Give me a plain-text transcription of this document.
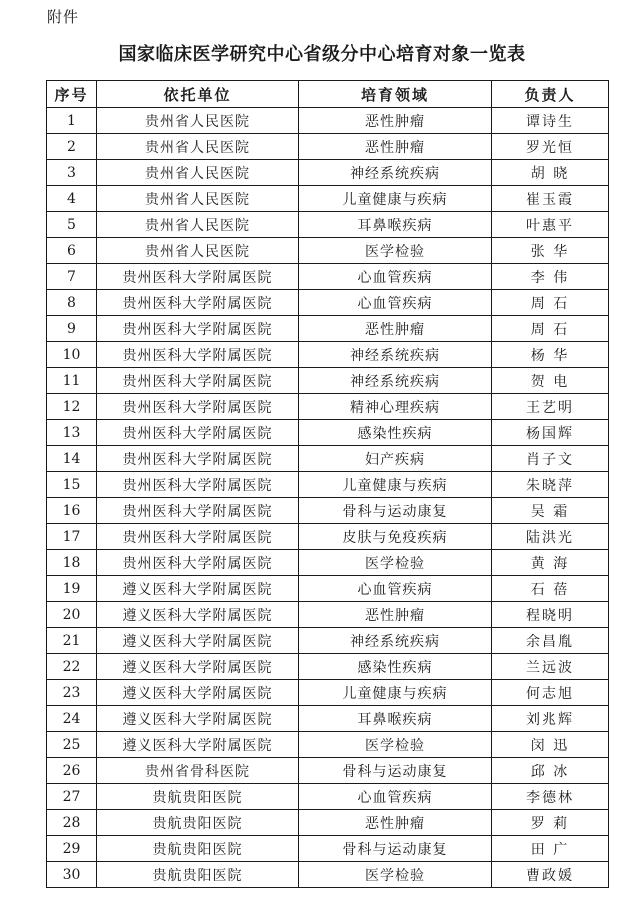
附件
国家临床医学研究中心省级分中心培育对象一览表
序号	依托单位	培育领域	负责人
1	贵州省人民医院	恶性肿瘤	谭诗生
2	贵州省人民医院	恶性肿瘤	罗光恒
3	贵州省人民医院	神经系统疾病	胡 晓
4	贵州省人民医院	儿童健康与疾病	崔玉霞
5	贵州省人民医院	耳鼻喉疾病	叶惠平
6	贵州省人民医院	医学检验	张 华
7	贵州医科大学附属医院	心血管疾病	李 伟
8	贵州医科大学附属医院	心血管疾病	周 石
9	贵州医科大学附属医院	恶性肿瘤	周 石
10	贵州医科大学附属医院	神经系统疾病	杨 华
11	贵州医科大学附属医院	神经系统疾病	贺 电
12	贵州医科大学附属医院	精神心理疾病	王艺明
13	贵州医科大学附属医院	感染性疾病	杨国辉
14	贵州医科大学附属医院	妇产疾病	肖子文
15	贵州医科大学附属医院	儿童健康与疾病	朱晓萍
16	贵州医科大学附属医院	骨科与运动康复	吴 霜
17	贵州医科大学附属医院	皮肤与免疫疾病	陆洪光
18	贵州医科大学附属医院	医学检验	黄 海
19	遵义医科大学附属医院	心血管疾病	石 蓓
20	遵义医科大学附属医院	恶性肿瘤	程晓明
21	遵义医科大学附属医院	神经系统疾病	余昌胤
22	遵义医科大学附属医院	感染性疾病	兰远波
23	遵义医科大学附属医院	儿童健康与疾病	何志旭
24	遵义医科大学附属医院	耳鼻喉疾病	刘兆辉
25	遵义医科大学附属医院	医学检验	闵 迅
26	贵州省骨科医院	骨科与运动康复	邱 冰
27	贵航贵阳医院	心血管疾病	李德林
28	贵航贵阳医院	恶性肿瘤	罗 莉
29	贵航贵阳医院	骨科与运动康复	田 广
30	贵航贵阳医院	医学检验	曹政媛
